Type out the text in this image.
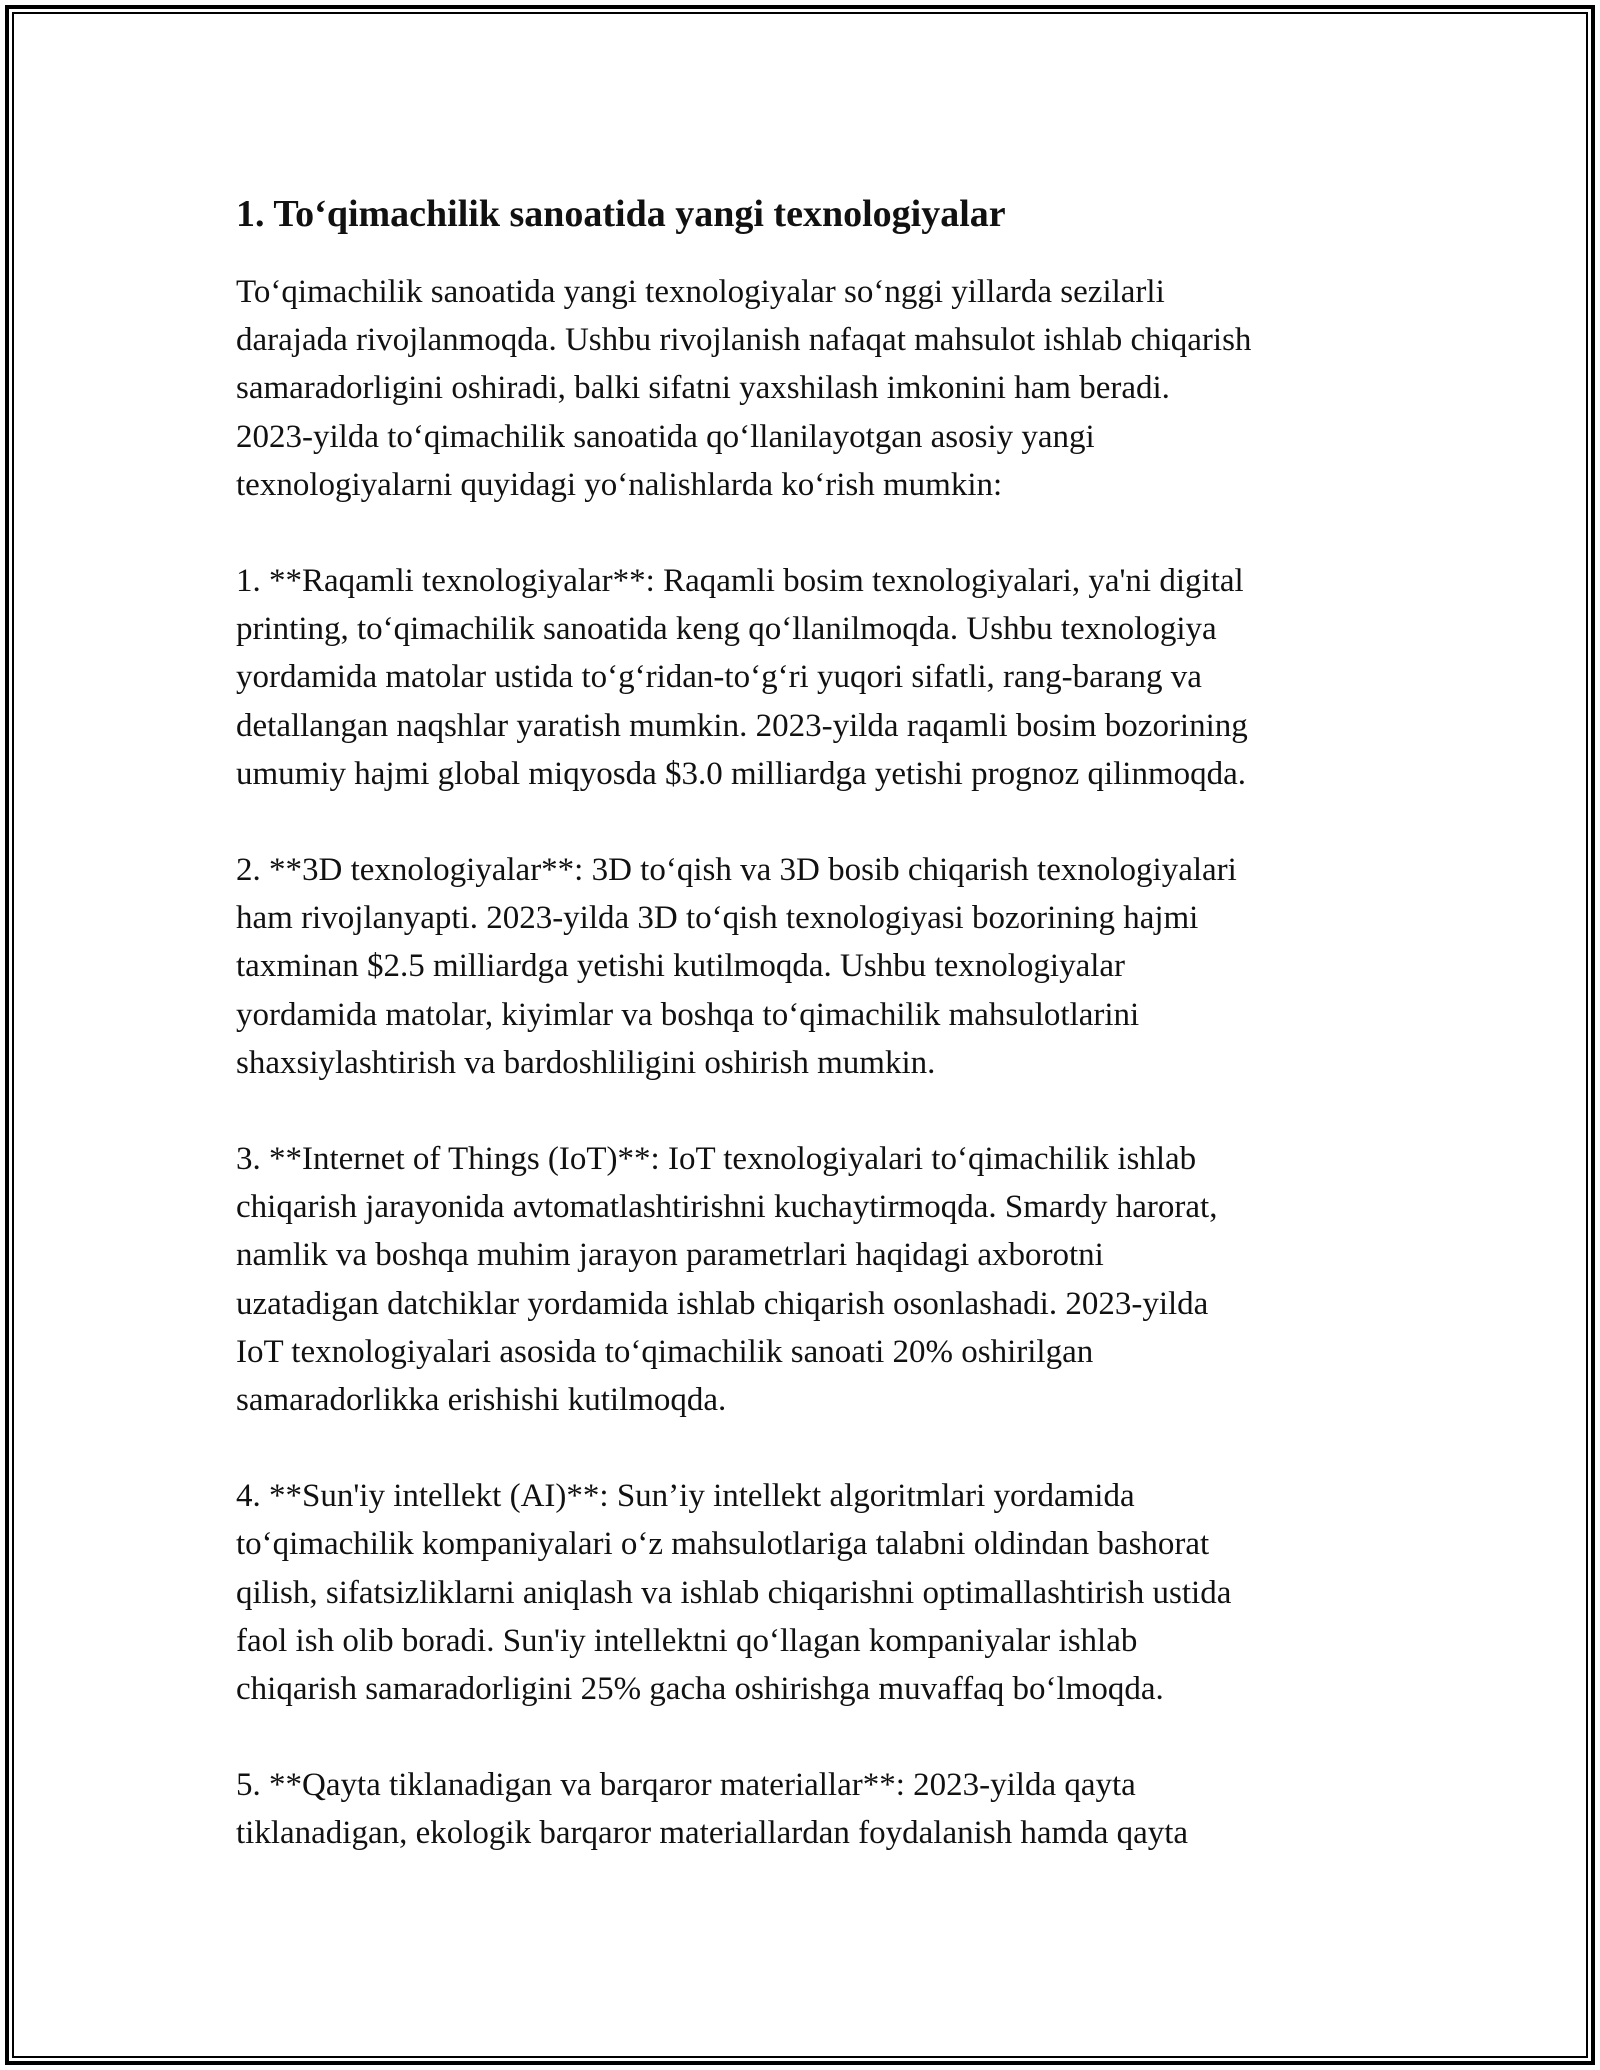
1. To‘qimachilik sanoatida yangi texnologiyalar

To‘qimachilik sanoatida yangi texnologiyalar so‘nggi yillarda sezilarli
darajada rivojlanmoqda. Ushbu rivojlanish nafaqat mahsulot ishlab chiqarish
samaradorligini oshiradi, balki sifatni yaxshilash imkonini ham beradi.
2023-yilda to‘qimachilik sanoatida qo‘llanilayotgan asosiy yangi
texnologiyalarni quyidagi yo‘nalishlarda ko‘rish mumkin:

1. **Raqamli texnologiyalar**: Raqamli bosim texnologiyalari, ya'ni digital
printing, to‘qimachilik sanoatida keng qo‘llanilmoqda. Ushbu texnologiya
yordamida matolar ustida to‘g‘ridan-to‘g‘ri yuqori sifatli, rang-barang va
detallangan naqshlar yaratish mumkin. 2023-yilda raqamli bosim bozorining
umumiy hajmi global miqyosda $3.0 milliardga yetishi prognoz qilinmoqda.

2. **3D texnologiyalar**: 3D to‘qish va 3D bosib chiqarish texnologiyalari
ham rivojlanyapti. 2023-yilda 3D to‘qish texnologiyasi bozorining hajmi
taxminan $2.5 milliardga yetishi kutilmoqda. Ushbu texnologiyalar
yordamida matolar, kiyimlar va boshqa to‘qimachilik mahsulotlarini
shaxsiylashtirish va bardoshliligini oshirish mumkin.

3. **Internet of Things (IoT)**: IoT texnologiyalari to‘qimachilik ishlab
chiqarish jarayonida avtomatlashtirishni kuchaytirmoqda. Smardy harorat,
namlik va boshqa muhim jarayon parametrlari haqidagi axborotni
uzatadigan datchiklar yordamida ishlab chiqarish osonlashadi. 2023-yilda
IoT texnologiyalari asosida to‘qimachilik sanoati 20% oshirilgan
samaradorlikka erishishi kutilmoqda.

4. **Sun'iy intellekt (AI)**: Sun’iy intellekt algoritmlari yordamida
to‘qimachilik kompaniyalari o‘z mahsulotlariga talabni oldindan bashorat
qilish, sifatsizliklarni aniqlash va ishlab chiqarishni optimallashtirish ustida
faol ish olib boradi. Sun'iy intellektni qo‘llagan kompaniyalar ishlab
chiqarish samaradorligini 25% gacha oshirishga muvaffaq bo‘lmoqda.

5. **Qayta tiklanadigan va barqaror materiallar**: 2023-yilda qayta
tiklanadigan, ekologik barqaror materiallardan foydalanish hamda qayta
